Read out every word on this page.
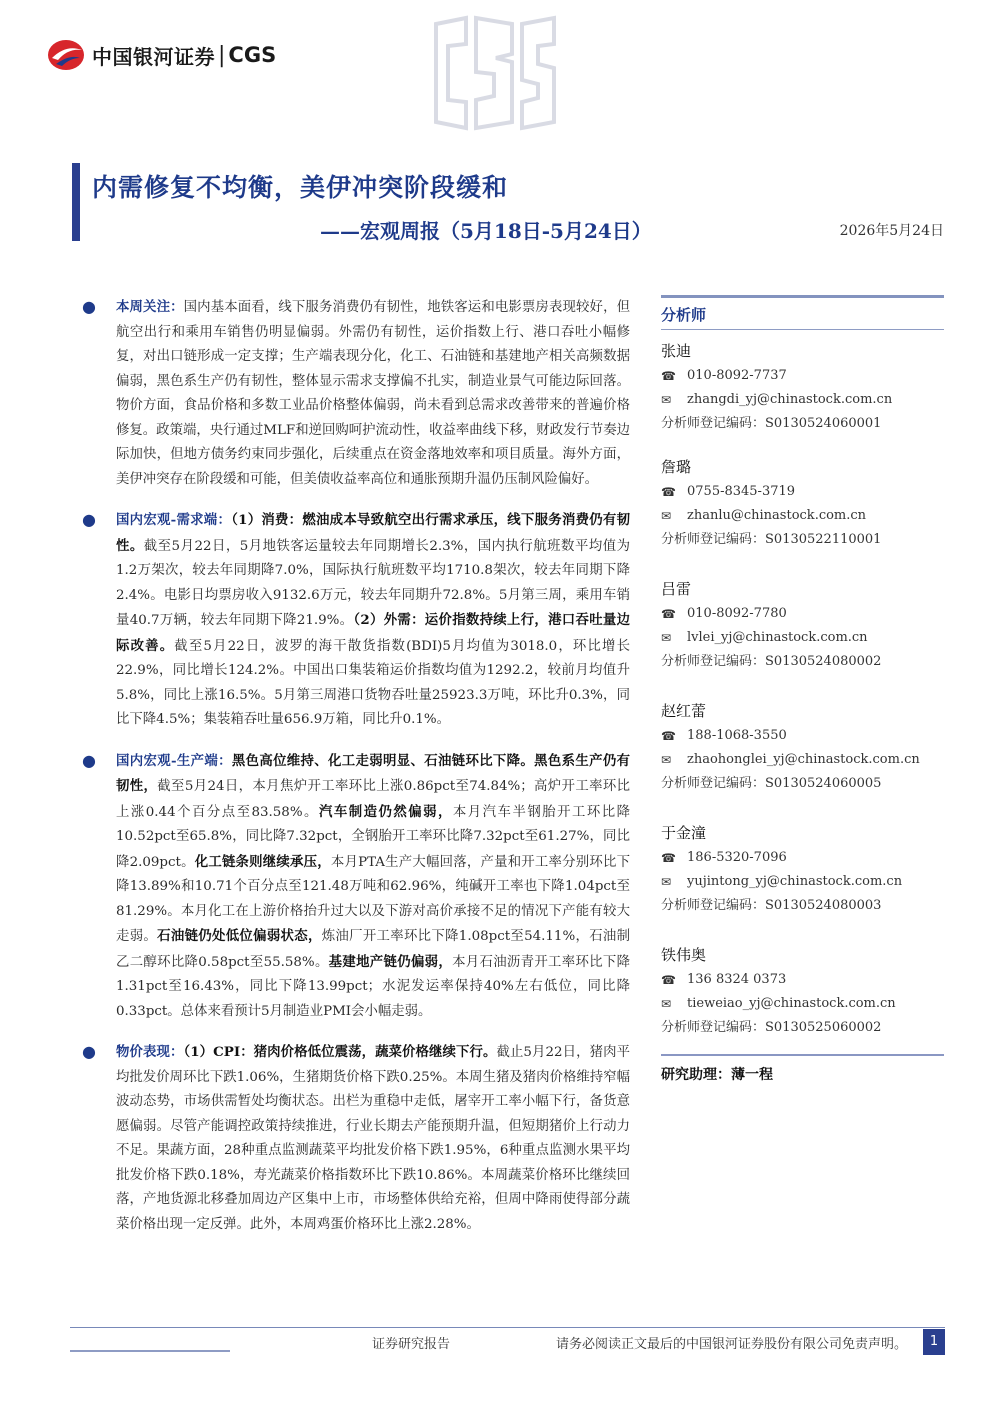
中国银河证券 | CGS
内需修复不均衡，美伊冲突阶段缓和
——宏观周报（5月18日-5月24日）	2026年5月24日
● 本周关注：国内基本面看，线下服务消费仍有韧性，地铁客运和电影票房表现较好，但航空出行和乘用车销售仍明显偏弱。外需仍有韧性，运价指数上行、港口吞吐小幅修复，对出口链形成一定支撑；生产端表现分化，化工、石油链和基建地产相关高频数据偏弱，黑色系生产仍有韧性，整体显示需求支撑偏不扎实，制造业景气可能边际回落。物价方面，食品价格和多数工业品价格整体偏弱，尚未看到总需求改善带来的普遍价格修复。政策端，央行通过MLF和逆回购呵护流动性，收益率曲线下移，财政发行节奏边际加快，但地方债务约束同步强化，后续重点在资金落地效率和项目质量。海外方面，美伊冲突存在阶段缓和可能，但美债收益率高位和通胀预期升温仍压制风险偏好。
● 国内宏观-需求端：（1）消费：燃油成本导致航空出行需求承压，线下服务消费仍有韧性。截至5月22日，5月地铁客运量较去年同期增长2.3%，国内执行航班数平均值为1.2万架次，较去年同期降7.0%，国际执行航班数平均1710.8架次，较去年同期下降2.4%。电影日均票房收入9132.6万元，较去年同期升72.8%。5月第三周，乘用车销量40.7万辆，较去年同期下降21.9%。（2）外需：运价指数持续上行，港口吞吐量边际改善。截至5月22日，波罗的海干散货指数(BDI)5月均值为3018.0，环比增长22.9%，同比增长124.2%。中国出口集装箱运价指数均值为1292.2，较前月均值升5.8%，同比上涨16.5%。5月第三周港口货物吞吐量25923.3万吨，环比升0.3%，同比下降4.5%；集装箱吞吐量656.9万箱，同比升0.1%。
● 国内宏观-生产端：黑色高位维持、化工走弱明显、石油链环比下降。黑色系生产仍有韧性，截至5月24日，本月焦炉开工率环比上涨0.86pct至74.84%；高炉开工率环比上涨0.44个百分点至83.58%。汽车制造仍然偏弱，本月汽车半钢胎开工环比降10.52pct至65.8%，同比降7.32pct，全钢胎开工率环比降7.32pct至61.27%，同比降2.09pct。化工链条则继续承压，本月PTA生产大幅回落，产量和开工率分别环比下降13.89%和10.71个百分点至121.48万吨和62.96%，纯碱开工率也下降1.04pct至81.29%。本月化工在上游价格抬升过大以及下游对高价承接不足的情况下产能有较大走弱。石油链仍处低位偏弱状态，炼油厂开工率环比下降1.08pct至54.11%，石油制乙二醇环比降0.58pct至55.58%。基建地产链仍偏弱，本月石油沥青开工率环比下降1.31pct至16.43%，同比下降13.99pct；水泥发运率保持40%左右低位，同比降0.33pct。总体来看预计5月制造业PMI会小幅走弱。
● 物价表现：（1）CPI：猪肉价格低位震荡，蔬菜价格继续下行。截止5月22日，猪肉平均批发价周环比下跌1.06%，生猪期货价格下跌0.25%。本周生猪及猪肉价格维持窄幅波动态势，市场供需暂处均衡状态。出栏为重稳中走低，屠宰开工率小幅下行，备货意愿偏弱。尽管产能调控政策持续推进，行业长期去产能预期升温，但短期猪价上行动力不足。果蔬方面，28种重点监测蔬菜平均批发价格下跌1.95%，6种重点监测水果平均批发价格下跌0.18%，寿光蔬菜价格指数环比下跌10.86%。本周蔬菜价格环比继续回落，产地货源北移叠加周边产区集中上市，市场整体供给充裕，但周中降雨使得部分蔬菜价格出现一定反弹。此外，本周鸡蛋价格环比上涨2.28%。
分析师
张迪
☎ 010-8092-7737
✉	zhangdi_yj@chinastock.com.cn
分析师登记编码： S0130524060001
詹璐
☎ 0755-8345-3719
✉	zhanlu@chinastock.com.cn
分析师登记编码： S0130522110001
吕雷
☎ 010-8092-7780
✉	lvlei_yj@chinastock.com.cn
分析师登记编码： S0130524080002
赵红蕾
☎ 188-1068-3550
✉	zhaohonglei_yj@chinastock.com.cn
分析师登记编码： S0130524060005
于金潼
☎ 186-5320-7096
✉	yujintong_yj@chinastock.com.cn
分析师登记编码： S0130524080003
铁伟奥
☎ 136 8324 0373
✉	tieweiao_yj@chinastock.com.cn
分析师登记编码： S0130525060002
研究助理：薄一程
证券研究报告	请务必阅读正文最后的中国银河证券股份有限公司免责声明。	1
